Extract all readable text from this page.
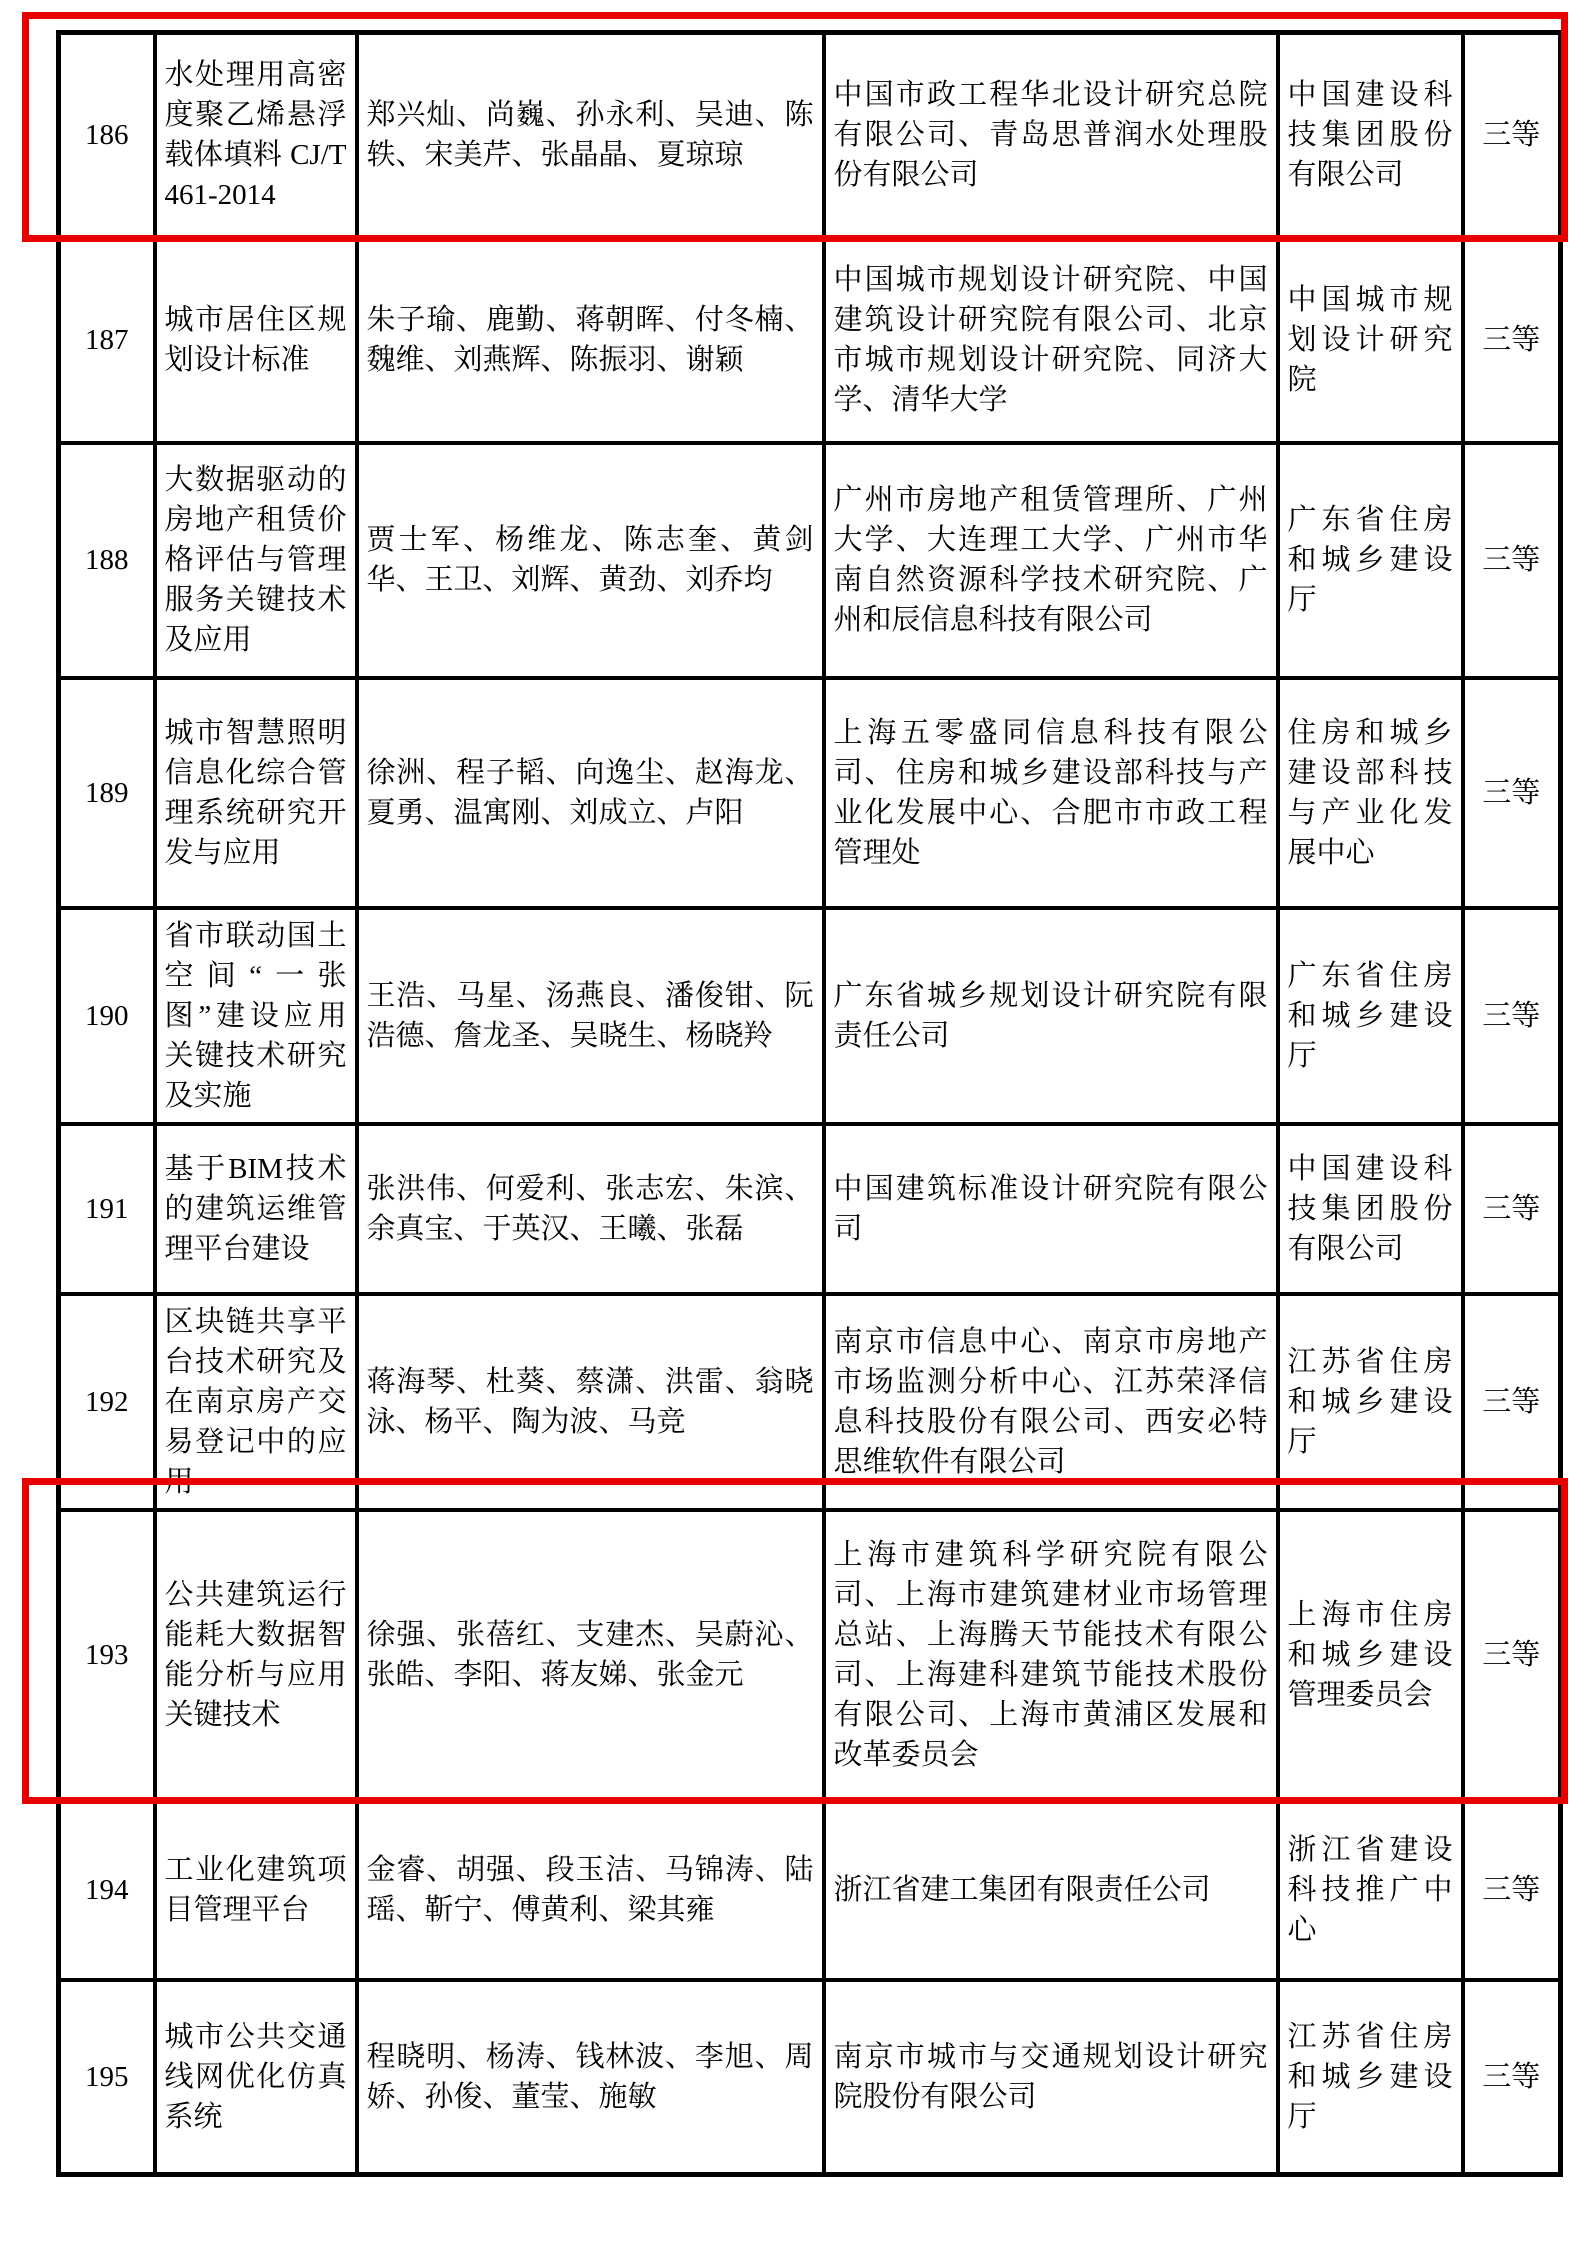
186	水处理用高密度聚乙烯悬浮载体填料 CJ/T461-2014	郑兴灿、尚巍、孙永利、吴迪、陈轶、宋美芹、张晶晶、夏琼琼	中国市政工程华北设计研究总院有限公司、青岛思普润水处理股份有限公司	中国建设科技集团股份有限公司	三等
187	城市居住区规划设计标准	朱子瑜、鹿勤、蒋朝晖、付冬楠、魏维、刘燕辉、陈振羽、谢颖	中国城市规划设计研究院、中国建筑设计研究院有限公司、北京市城市规划设计研究院、同济大学、清华大学	中国城市规划设计研究院	三等
188	大数据驱动的房地产租赁价格评估与管理服务关键技术及应用	贾士军、杨维龙、陈志奎、黄剑华、王卫、刘辉、黄劲、刘乔均	广州市房地产租赁管理所、广州大学、大连理工大学、广州市华南自然资源科学技术研究院、广州和辰信息科技有限公司	广东省住房和城乡建设厅	三等
189	城市智慧照明信息化综合管理系统研究开发与应用	徐洲、程子韬、向逸尘、赵海龙、夏勇、温寓刚、刘成立、卢阳	上海五零盛同信息科技有限公司、住房和城乡建设部科技与产业化发展中心、合肥市市政工程管理处	住房和城乡建设部科技与产业化发展中心	三等
190	省市联动国土空间“一张图”建设应用关键技术研究及实施	王浩、马星、汤燕良、潘俊钳、阮浩德、詹龙圣、吴晓生、杨晓羚	广东省城乡规划设计研究院有限责任公司	广东省住房和城乡建设厅	三等
191	基于BIM技术的建筑运维管理平台建设	张洪伟、何爱利、张志宏、朱滨、余真宝、于英汉、王曦、张磊	中国建筑标准设计研究院有限公司	中国建设科技集团股份有限公司	三等
192	区块链共享平台技术研究及在南京房产交易登记中的应用	蒋海琴、杜葵、蔡潇、洪雷、翁晓泳、杨平、陶为波、马竞	南京市信息中心、南京市房地产市场监测分析中心、江苏荣泽信息科技股份有限公司、西安必特思维软件有限公司	江苏省住房和城乡建设厅	三等
193	公共建筑运行能耗大数据智能分析与应用关键技术	徐强、张蓓红、支建杰、吴蔚沁、张皓、李阳、蒋友娣、张金元	上海市建筑科学研究院有限公司、上海市建筑建材业市场管理总站、上海腾天节能技术有限公司、上海建科建筑节能技术股份有限公司、上海市黄浦区发展和改革委员会	上海市住房和城乡建设管理委员会	三等
194	工业化建筑项目管理平台	金睿、胡强、段玉洁、马锦涛、陆瑶、靳宁、傅黄利、梁其雍	浙江省建工集团有限责任公司	浙江省建设科技推广中心	三等
195	城市公共交通线网优化仿真系统	程晓明、杨涛、钱林波、李旭、周娇、孙俊、董莹、施敏	南京市城市与交通规划设计研究院股份有限公司	江苏省住房和城乡建设厅	三等
